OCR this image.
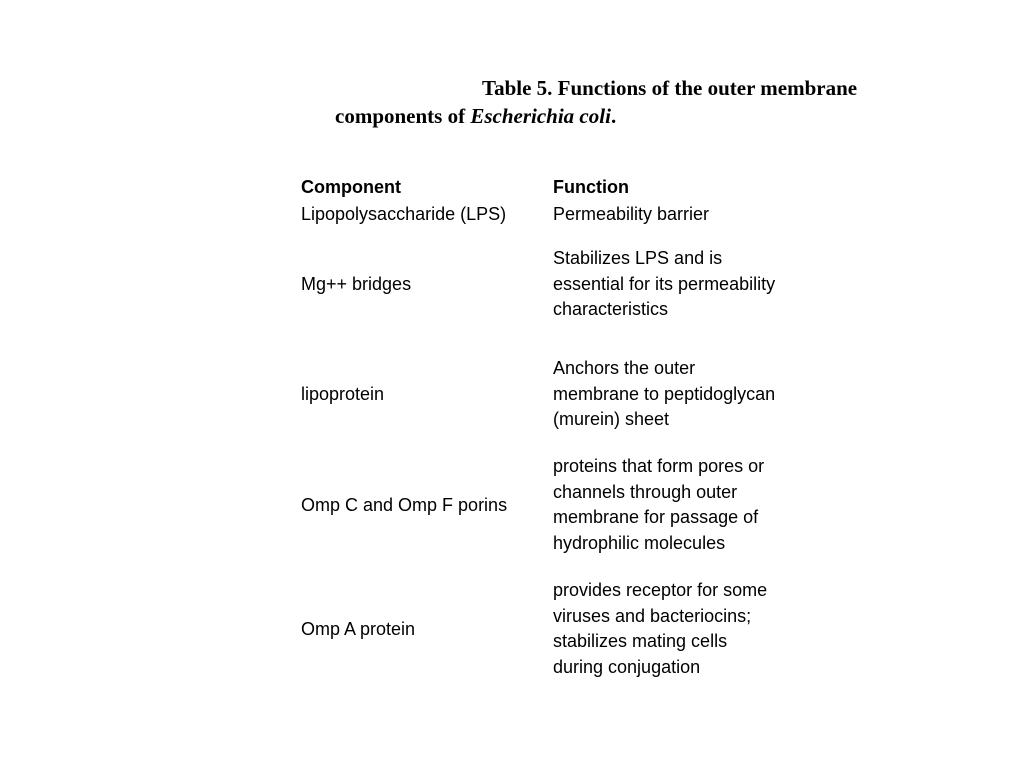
Table 5. Functions of the outer membrane
components of Escherichia coli.
Component	Function
Lipopolysaccharide (LPS)	Permeability barrier
Mg++ bridges
Stabilizes LPS and is
essential for its permeability
characteristics
lipoprotein
Anchors the outer
membrane to peptidoglycan
(murein) sheet
Omp C and Omp F porins
proteins that form pores or
channels through outer
membrane for passage of
hydrophilic molecules
Omp A protein
provides receptor for some
viruses and bacteriocins;
stabilizes mating cells
during conjugation
